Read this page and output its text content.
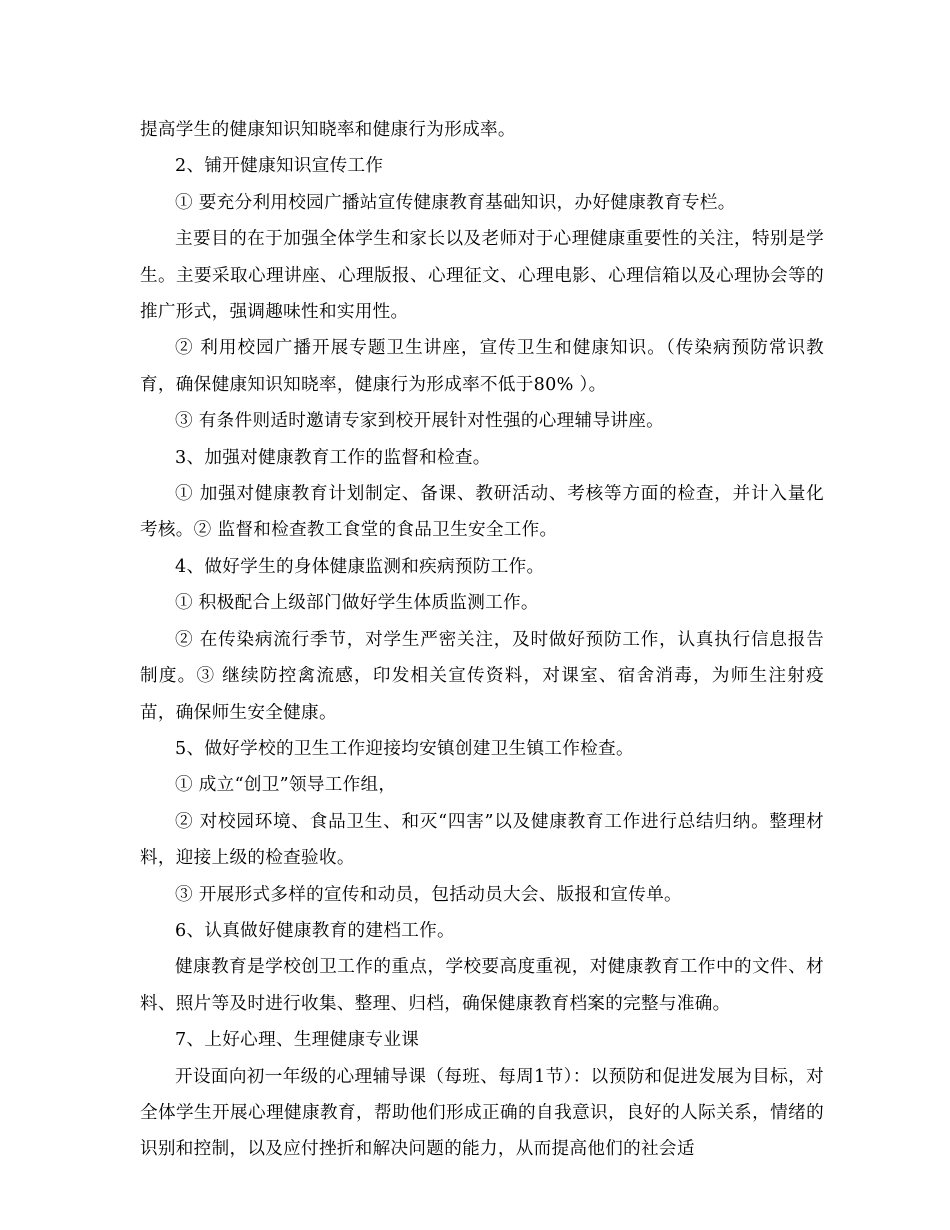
提高学生的健康知识知晓率和健康行为形成率。

2、铺开健康知识宣传工作

① 要充分利用校园广播站宣传健康教育基础知识，办好健康教育专栏。

主要目的在于加强全体学生和家长以及老师对于心理健康重要性的关注，特别是学生。主要采取心理讲座、心理版报、心理征文、心理电影、心理信箱以及心理协会等的推广形式，强调趣味性和实用性。

② 利用校园广播开展专题卫生讲座，宣传卫生和健康知识。（传染病预防常识教育，确保健康知识知晓率，健康行为形成率不低于80% ）。

③ 有条件则适时邀请专家到校开展针对性强的心理辅导讲座。

3、加强对健康教育工作的监督和检查。

① 加强对健康教育计划制定、备课、教研活动、考核等方面的检查，并计入量化考核。② 监督和检查教工食堂的食品卫生安全工作。

4、做好学生的身体健康监测和疾病预防工作。

① 积极配合上级部门做好学生体质监测工作。

② 在传染病流行季节，对学生严密关注，及时做好预防工作，认真执行信息报告制度。③ 继续防控禽流感，印发相关宣传资料，对课室、宿舍消毒，为师生注射疫苗，确保师生安全健康。

5、做好学校的卫生工作迎接均安镇创建卫生镇工作检查。

① 成立“创卫”领导工作组，

② 对校园环境、食品卫生、和灭“四害”以及健康教育工作进行总结归纳。整理材料，迎接上级的检查验收。

③ 开展形式多样的宣传和动员，包括动员大会、版报和宣传单。

6、认真做好健康教育的建档工作。

健康教育是学校创卫工作的重点，学校要高度重视，对健康教育工作中的文件、材料、照片等及时进行收集、整理、归档，确保健康教育档案的完整与准确。

7、上好心理、生理健康专业课

开设面向初一年级的心理辅导课（每班、每周1节）：以预防和促进发展为目标，对全体学生开展心理健康教育，帮助他们形成正确的自我意识，良好的人际关系，情绪的识别和控制，以及应付挫折和解决问题的能力，从而提高他们的社会适
